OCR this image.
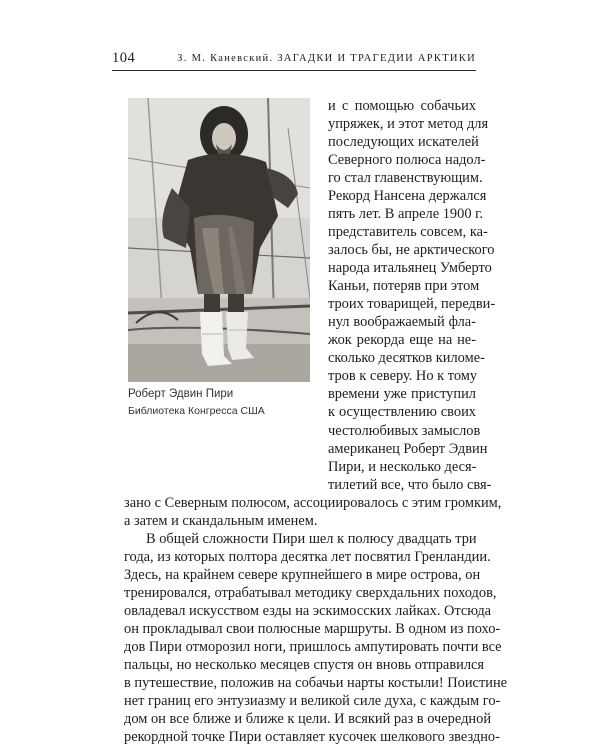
104	З. М. Каневский. ЗАГАДКИ И ТРАГЕДИИ АРКТИКИ
Роберт Эдвин Пири
Библиотека Конгресса США
и с помощью собачьих
упряжек, и этот метод для
последующих искателей
Северного полюса надол-
го стал главенствующим.
Рекорд Нансена держался
пять лет. В апреле 1900 г.
представитель совсем, ка-
залось бы, не арктического
народа итальянец Умберто
Каньи, потеряв при этом
троих товарищей, передви-
нул воображаемый фла-
жок рекорда еще на не-
сколько десятков киломе-
тров к северу. Но к тому
времени уже приступил
к осуществлению своих
честолюбивых замыслов
американец Роберт Эдвин
Пири, и несколько деся-
тилетий все, что было свя-
зано с Северным полюсом, ассоциировалось с этим громким,
а затем и скандальным именем.
В общей сложности Пири шел к полюсу двадцать три
года, из которых полтора десятка лет посвятил Гренландии.
Здесь, на крайнем севере крупнейшего в мире острова, он
тренировался, отрабатывал методику сверхдальних походов,
овладевал искусством езды на эскимосских лайках. Отсюда
он прокладывал свои полюсные маршруты. В одном из похо-
дов Пири отморозил ноги, пришлось ампутировать почти все
пальцы, но несколько месяцев спустя он вновь отправился
в путешествие, положив на собачьи нарты костыли! Поистине
нет границ его энтузиазму и великой силе духа, с каждым го-
дом он все ближе и ближе к цели. И всякий раз в очередной
рекордной точке Пири оставляет кусочек шелкового звездно-
